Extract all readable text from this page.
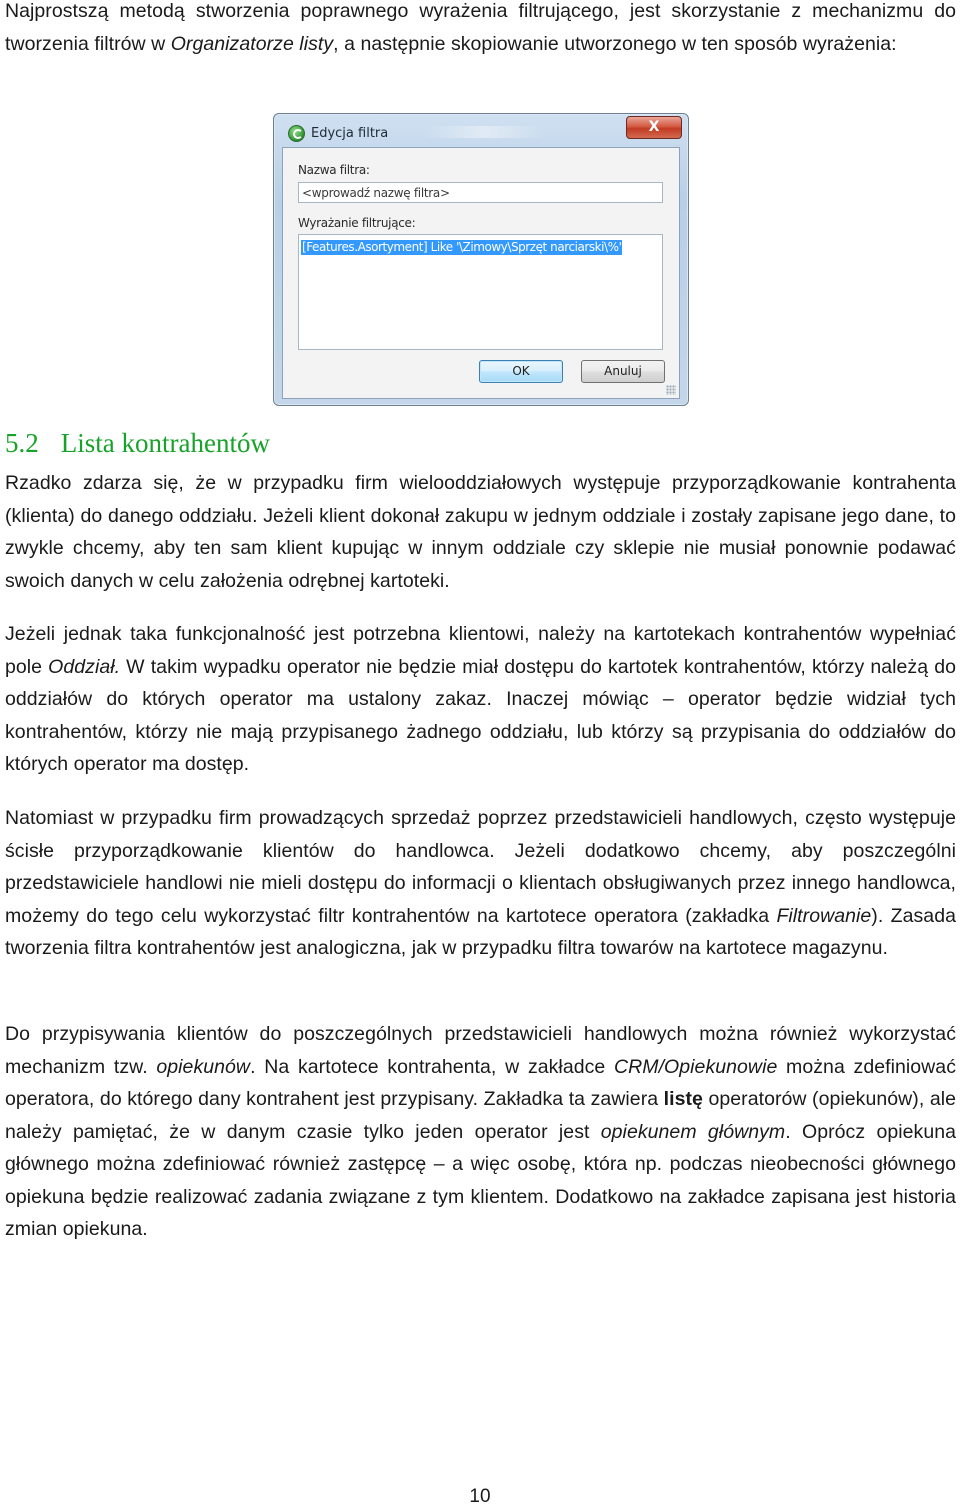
Najprostszą metodą stworzenia poprawnego wyrażenia filtrującego, jest skorzystanie z mechanizmu do tworzenia filtrów w Organizatorze listy, a następnie skopiowanie utworzonego w ten sposób wyrażenia:

Edycja filtra	X
Nazwa filtra:
<wprowadź nazwę filtra>
Wyrażanie filtrujące:
[Features.Asortyment] Like '\Zimowy\Sprzęt narciarski\%'
OK	Anuluj
5.2 Lista kontrahentów

Rzadko zdarza się, że w przypadku firm wielooddziałowych występuje przyporządkowanie kontrahenta (klienta) do danego oddziału. Jeżeli klient dokonał zakupu w jednym oddziale i zostały zapisane jego dane, to zwykle chcemy, aby ten sam klient kupując w innym oddziale czy sklepie nie musiał ponownie podawać swoich danych w celu założenia odrębnej kartoteki.

Jeżeli jednak taka funkcjonalność jest potrzebna klientowi, należy na kartotekach kontrahentów wypełniać pole Oddział. W takim wypadku operator nie będzie miał dostępu do kartotek kontrahentów, którzy należą do oddziałów do których operator ma ustalony zakaz. Inaczej mówiąc – operator będzie widział tych kontrahentów, którzy nie mają przypisanego żadnego oddziału, lub którzy są przypisania do oddziałów do których operator ma dostęp.

Natomiast w przypadku firm prowadzących sprzedaż poprzez przedstawicieli handlowych, często występuje ścisłe przyporządkowanie klientów do handlowca. Jeżeli dodatkowo chcemy, aby poszczególni przedstawiciele handlowi nie mieli dostępu do informacji o klientach obsługiwanych przez innego handlowca, możemy do tego celu wykorzystać filtr kontrahentów na kartotece operatora (zakładka Filtrowanie). Zasada tworzenia filtra kontrahentów jest analogiczna, jak w przypadku filtra towarów na kartotece magazynu.

Do przypisywania klientów do poszczególnych przedstawicieli handlowych można również wykorzystać mechanizm tzw. opiekunów. Na kartotece kontrahenta, w zakładce CRM/Opiekunowie można zdefiniować operatora, do którego dany kontrahent jest przypisany. Zakładka ta zawiera listę operatorów (opiekunów), ale należy pamiętać, że w danym czasie tylko jeden operator jest opiekunem głównym. Oprócz opiekuna głównego można zdefiniować również zastępcę – a więc osobę, która np. podczas nieobecności głównego opiekuna będzie realizować zadania związane z tym klientem. Dodatkowo na zakładce zapisana jest historia zmian opiekuna.

10
